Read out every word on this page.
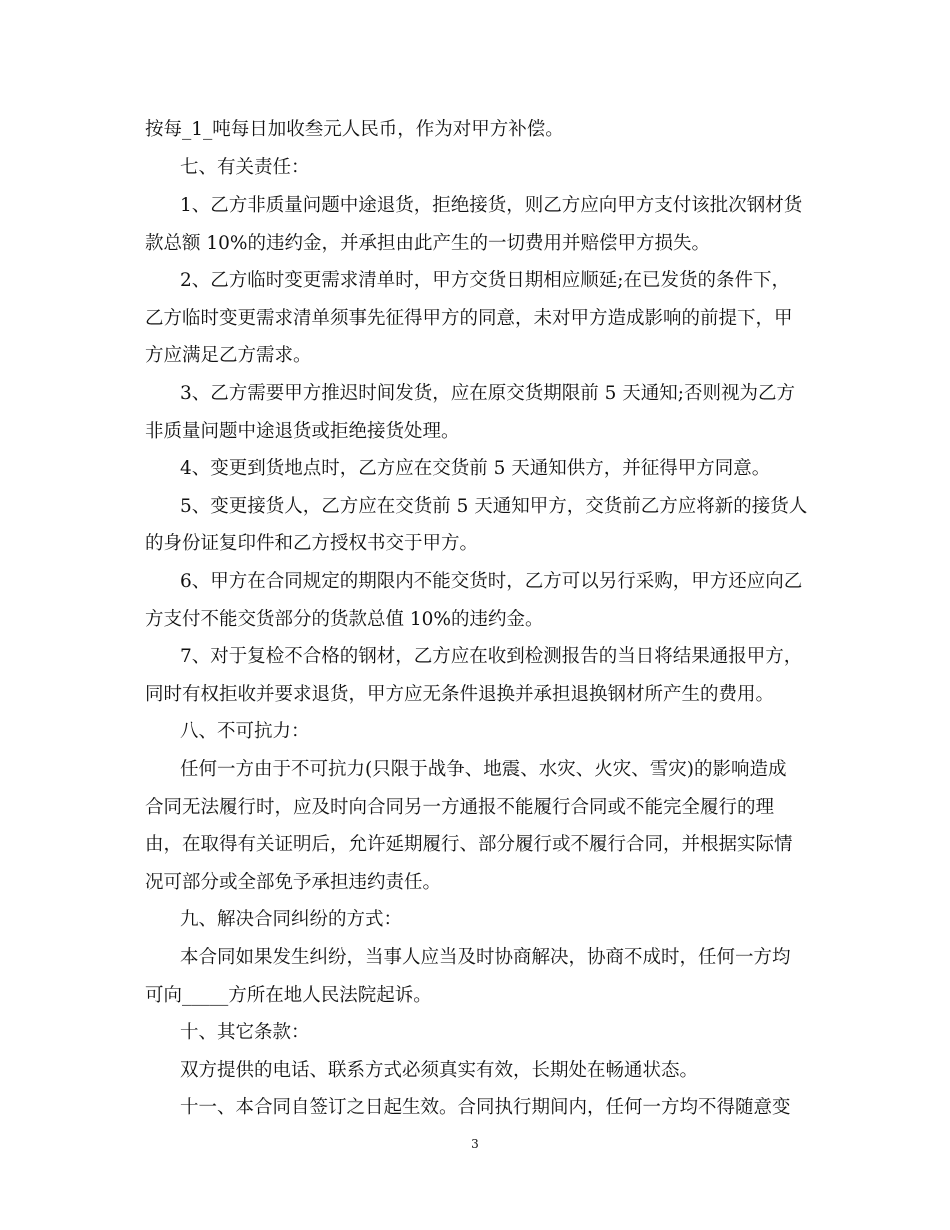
按每_1_吨每日加收叁元人民币，作为对甲方补偿。
七、有关责任：
1、乙方非质量问题中途退货，拒绝接货，则乙方应向甲方支付该批次钢材货
款总额 10%的违约金，并承担由此产生的一切费用并赔偿甲方损失。
2、乙方临时变更需求清单时，甲方交货日期相应顺延;在已发货的条件下，
乙方临时变更需求清单须事先征得甲方的同意，未对甲方造成影响的前提下，甲
方应满足乙方需求。
3、乙方需要甲方推迟时间发货，应在原交货期限前 5 天通知;否则视为乙方
非质量问题中途退货或拒绝接货处理。
4、变更到货地点时，乙方应在交货前 5 天通知供方，并征得甲方同意。
5、变更接货人，乙方应在交货前 5 天通知甲方，交货前乙方应将新的接货人
的身份证复印件和乙方授权书交于甲方。
6、甲方在合同规定的期限内不能交货时，乙方可以另行采购，甲方还应向乙
方支付不能交货部分的货款总值 10%的违约金。
7、对于复检不合格的钢材，乙方应在收到检测报告的当日将结果通报甲方，
同时有权拒收并要求退货，甲方应无条件退换并承担退换钢材所产生的费用。
八、不可抗力：
任何一方由于不可抗力(只限于战争、地震、水灾、火灾、雪灾)的影响造成
合同无法履行时，应及时向合同另一方通报不能履行合同或不能完全履行的理
由，在取得有关证明后，允许延期履行、部分履行或不履行合同，并根据实际情
况可部分或全部免予承担违约责任。
九、解决合同纠纷的方式：
本合同如果发生纠纷，当事人应当及时协商解决，协商不成时，任何一方均
可向_____方所在地人民法院起诉。
十、其它条款：
双方提供的电话、联系方式必须真实有效，长期处在畅通状态。
十一、本合同自签订之日起生效。合同执行期间内，任何一方均不得随意变
3
